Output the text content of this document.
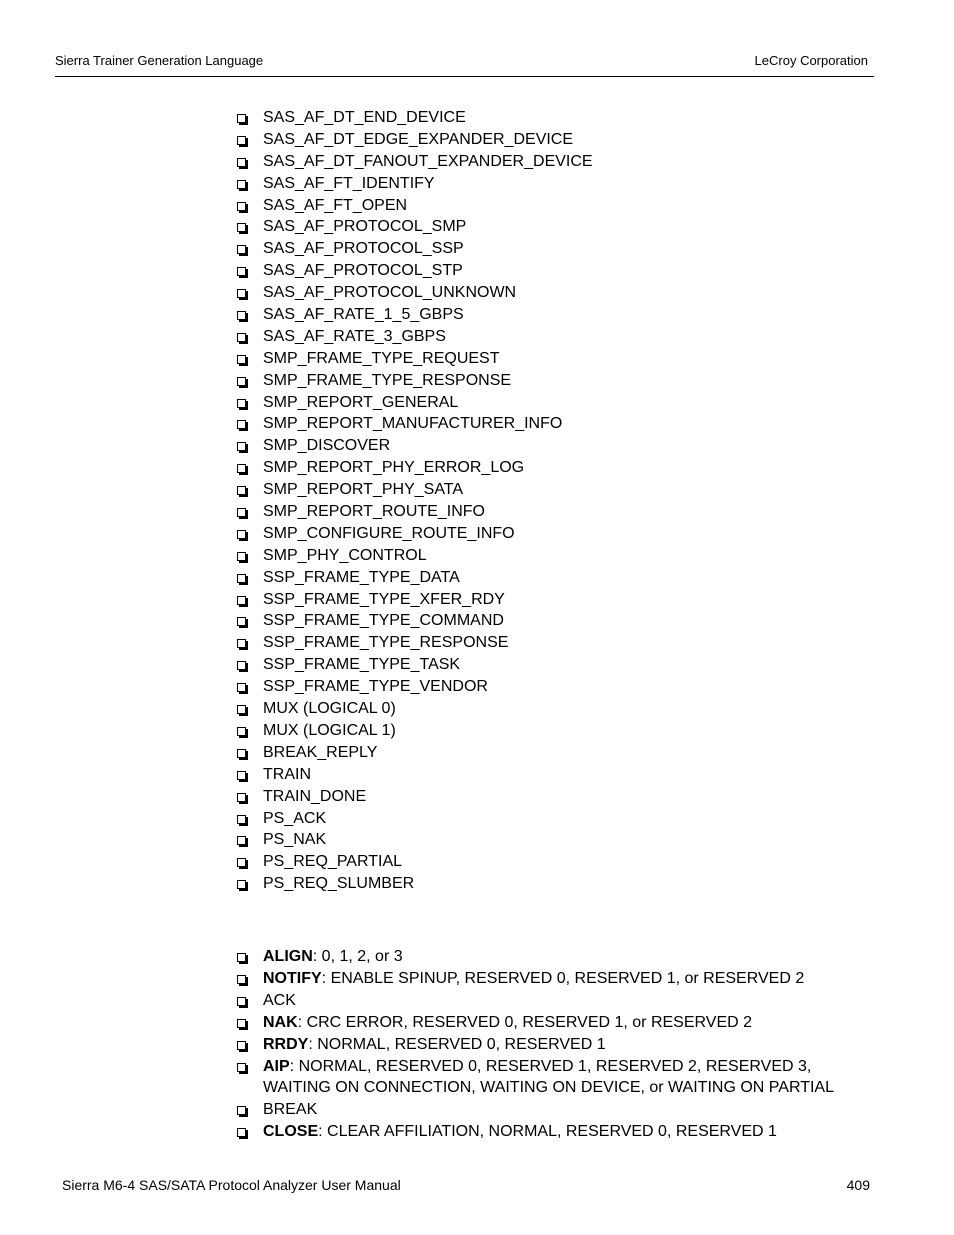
Sierra Trainer Generation Language	LeCroy Corporation
SAS_AF_DT_END_DEVICE
SAS_AF_DT_EDGE_EXPANDER_DEVICE
SAS_AF_DT_FANOUT_EXPANDER_DEVICE
SAS_AF_FT_IDENTIFY
SAS_AF_FT_OPEN
SAS_AF_PROTOCOL_SMP
SAS_AF_PROTOCOL_SSP
SAS_AF_PROTOCOL_STP
SAS_AF_PROTOCOL_UNKNOWN
SAS_AF_RATE_1_5_GBPS
SAS_AF_RATE_3_GBPS
SMP_FRAME_TYPE_REQUEST
SMP_FRAME_TYPE_RESPONSE
SMP_REPORT_GENERAL
SMP_REPORT_MANUFACTURER_INFO
SMP_DISCOVER
SMP_REPORT_PHY_ERROR_LOG
SMP_REPORT_PHY_SATA
SMP_REPORT_ROUTE_INFO
SMP_CONFIGURE_ROUTE_INFO
SMP_PHY_CONTROL
SSP_FRAME_TYPE_DATA
SSP_FRAME_TYPE_XFER_RDY
SSP_FRAME_TYPE_COMMAND
SSP_FRAME_TYPE_RESPONSE
SSP_FRAME_TYPE_TASK
SSP_FRAME_TYPE_VENDOR
MUX (LOGICAL 0)
MUX (LOGICAL 1)
BREAK_REPLY
TRAIN
TRAIN_DONE
PS_ACK
PS_NAK
PS_REQ_PARTIAL
PS_REQ_SLUMBER
ALIGN: 0, 1, 2, or 3
NOTIFY: ENABLE SPINUP, RESERVED 0, RESERVED 1, or RESERVED 2
ACK
NAK: CRC ERROR, RESERVED 0, RESERVED 1, or RESERVED 2
RRDY: NORMAL, RESERVED 0, RESERVED 1
AIP: NORMAL, RESERVED 0, RESERVED 1, RESERVED 2, RESERVED 3, WAITING ON CONNECTION, WAITING ON DEVICE, or WAITING ON PARTIAL
BREAK
CLOSE: CLEAR AFFILIATION, NORMAL, RESERVED 0, RESERVED 1
Sierra M6-4 SAS/SATA Protocol Analyzer User Manual	409
